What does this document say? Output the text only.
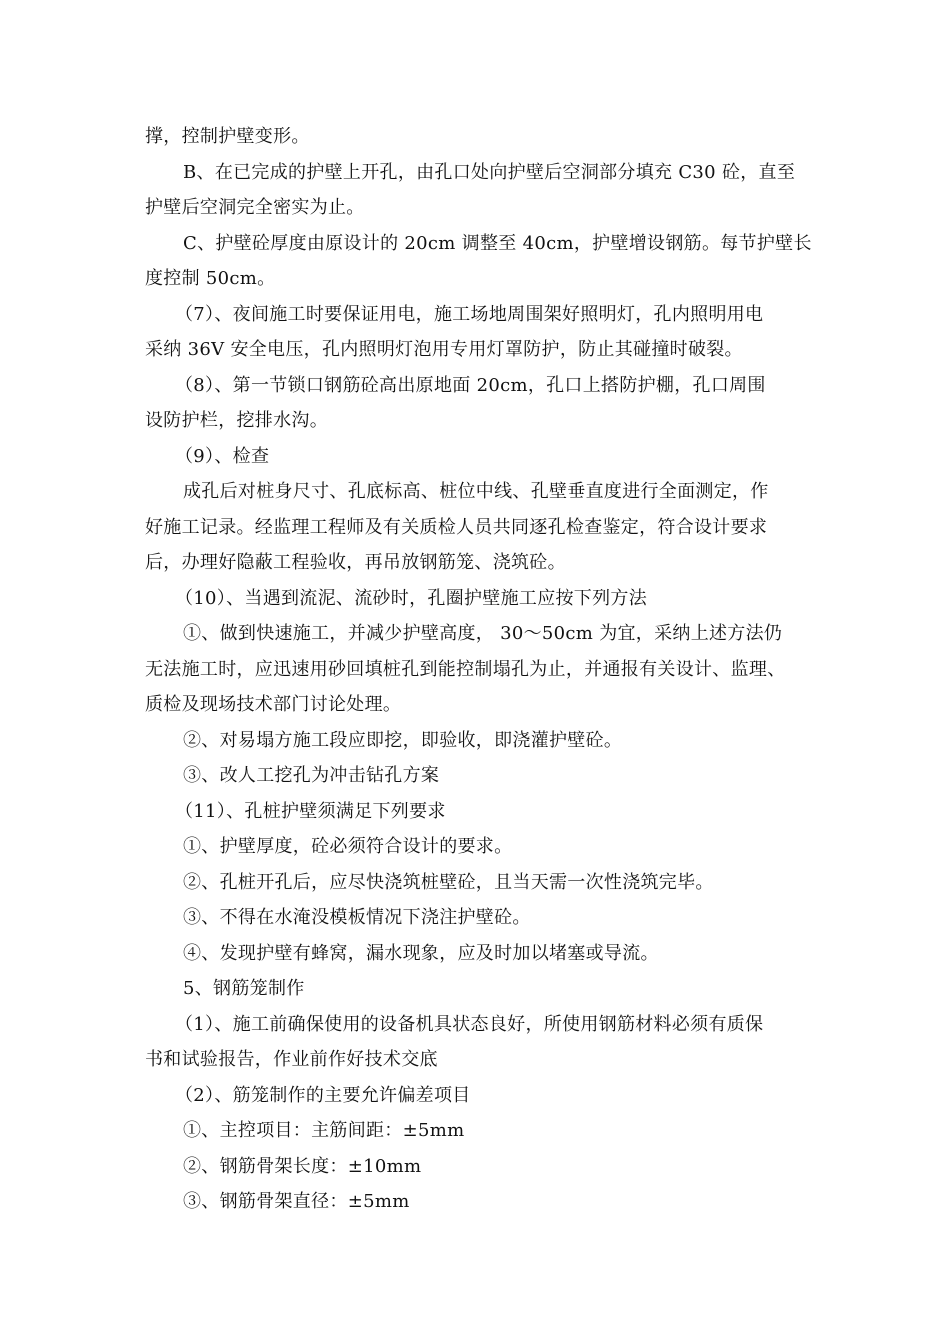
撑，控制护壁变形。

B、在已完成的护壁上开孔，由孔口处向护壁后空洞部分填充 C30 砼，直至

护壁后空洞完全密实为止。

C、护壁砼厚度由原设计的 20cm 调整至 40cm，护壁增设钢筋。每节护壁长

度控制 50cm。

（7）、夜间施工时要保证用电，施工场地周围架好照明灯，孔内照明用电

采纳 36V 安全电压，孔内照明灯泡用专用灯罩防护，防止其碰撞时破裂。

（8）、第一节锁口钢筋砼高出原地面 20cm，孔口上搭防护棚，孔口周围

设防护栏，挖排水沟。

（9）、检查

成孔后对桩身尺寸、孔底标高、桩位中线、孔壁垂直度进行全面测定，作

好施工记录。经监理工程师及有关质检人员共同逐孔检查鉴定，符合设计要求

后，办理好隐蔽工程验收，再吊放钢筋笼、浇筑砼。

（10）、当遇到流泥、流砂时，孔圈护壁施工应按下列方法

①、做到快速施工，并减少护壁高度， 30～50cm 为宜，采纳上述方法仍

无法施工时，应迅速用砂回填桩孔到能控制塌孔为止，并通报有关设计、监理、

质检及现场技术部门讨论处理。

②、对易塌方施工段应即挖，即验收，即浇灌护壁砼。

③、改人工挖孔为冲击钻孔方案

（11）、孔桩护壁须满足下列要求

①、护壁厚度，砼必须符合设计的要求。

②、孔桩开孔后，应尽快浇筑桩壁砼，且当天需一次性浇筑完毕。

③、不得在水淹没模板情况下浇注护壁砼。

④、发现护壁有蜂窝，漏水现象，应及时加以堵塞或导流。

5、钢筋笼制作

（1）、施工前确保使用的设备机具状态良好，所使用钢筋材料必须有质保

书和试验报告，作业前作好技术交底

（2）、筋笼制作的主要允许偏差项目

①、主控项目：主筋间距：±5mm

②、钢筋骨架长度：±10mm

③、钢筋骨架直径：±5mm
